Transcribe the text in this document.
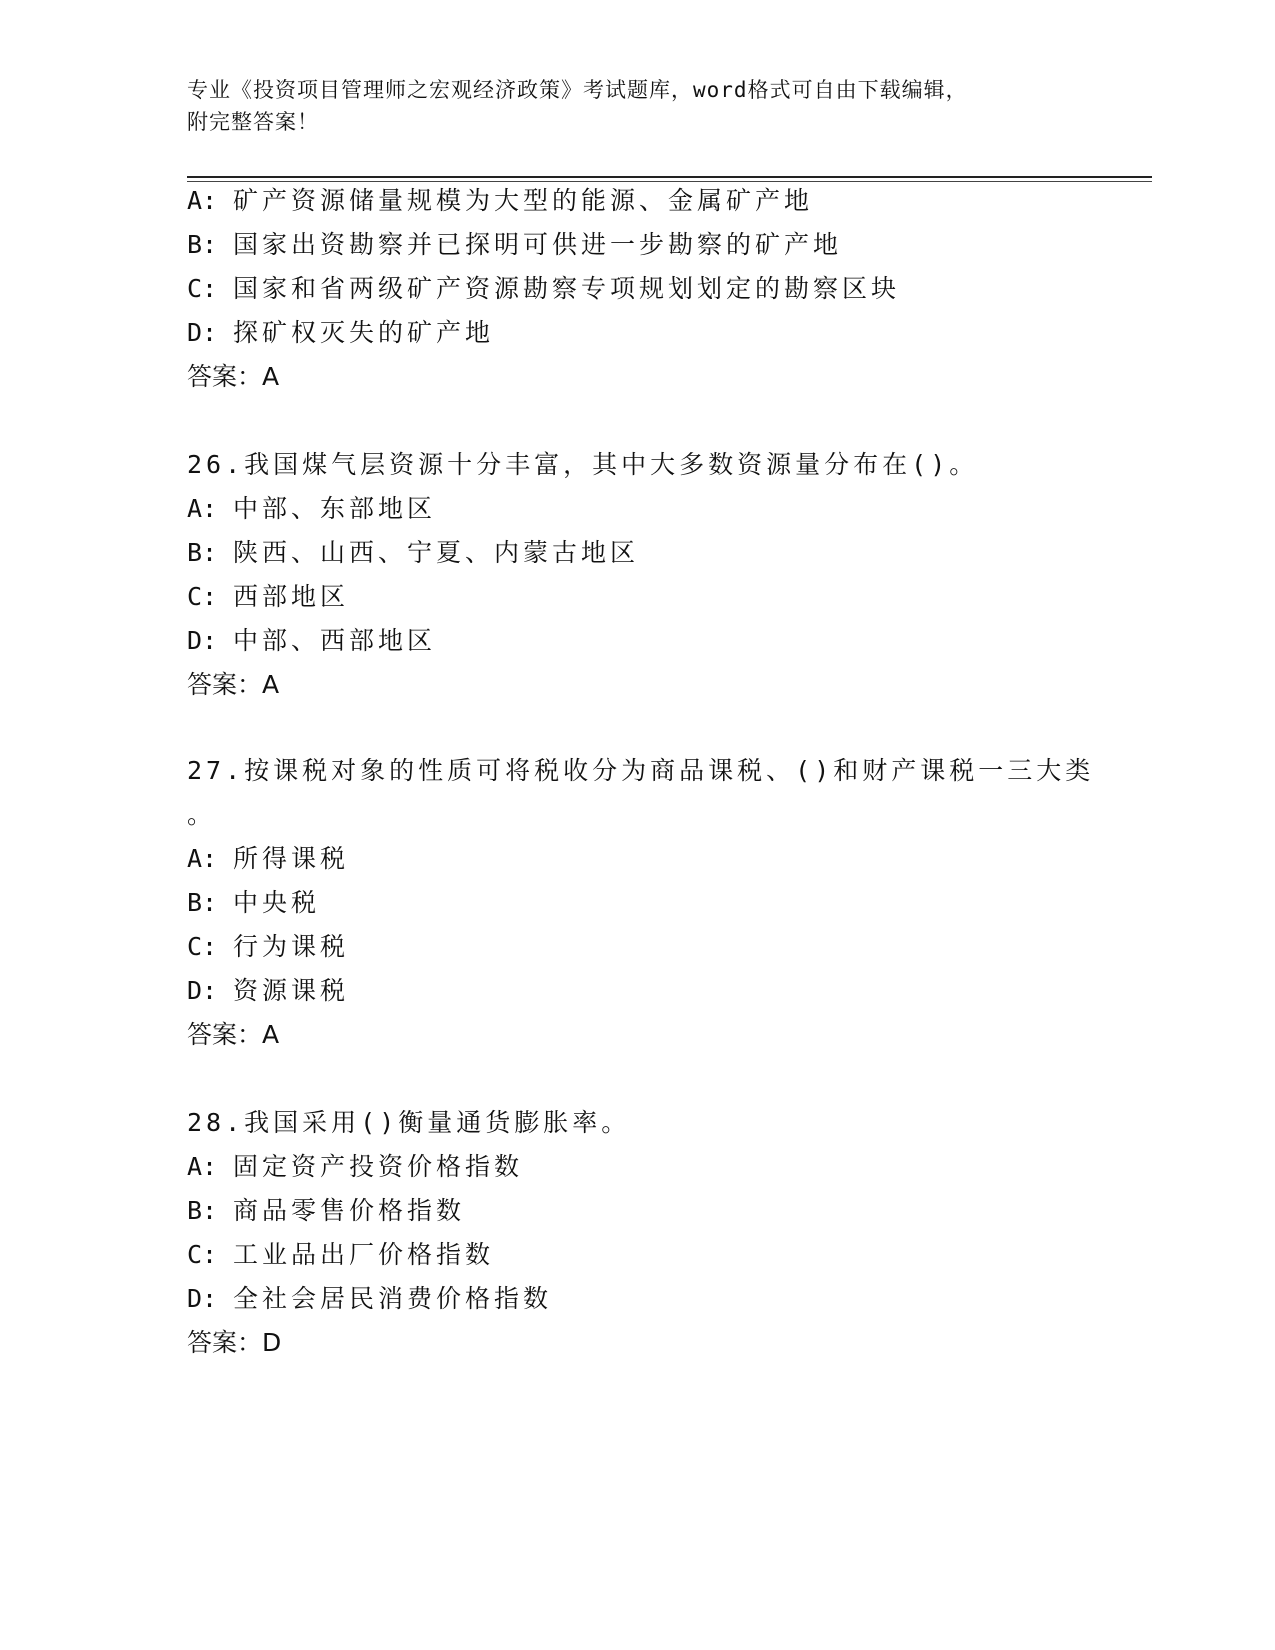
专业《投资项目管理师之宏观经济政策》考试题库，word格式可自由下载编辑，
附完整答案！
A: 矿产资源储量规模为大型的能源、金属矿产地
B: 国家出资勘察并已探明可供进一步勘察的矿产地
C: 国家和省两级矿产资源勘察专项规划划定的勘察区块
D: 探矿权灭失的矿产地
答案：A
26.我国煤气层资源十分丰富，其中大多数资源量分布在()。
A: 中部、东部地区
B: 陕西、山西、宁夏、内蒙古地区
C: 西部地区
D: 中部、西部地区
答案：A
27.按课税对象的性质可将税收分为商品课税、()和财产课税一三大类
。
A: 所得课税
B: 中央税
C: 行为课税
D: 资源课税
答案：A
28.我国采用()衡量通货膨胀率。
A: 固定资产投资价格指数
B: 商品零售价格指数
C: 工业品出厂价格指数
D: 全社会居民消费价格指数
答案：D
